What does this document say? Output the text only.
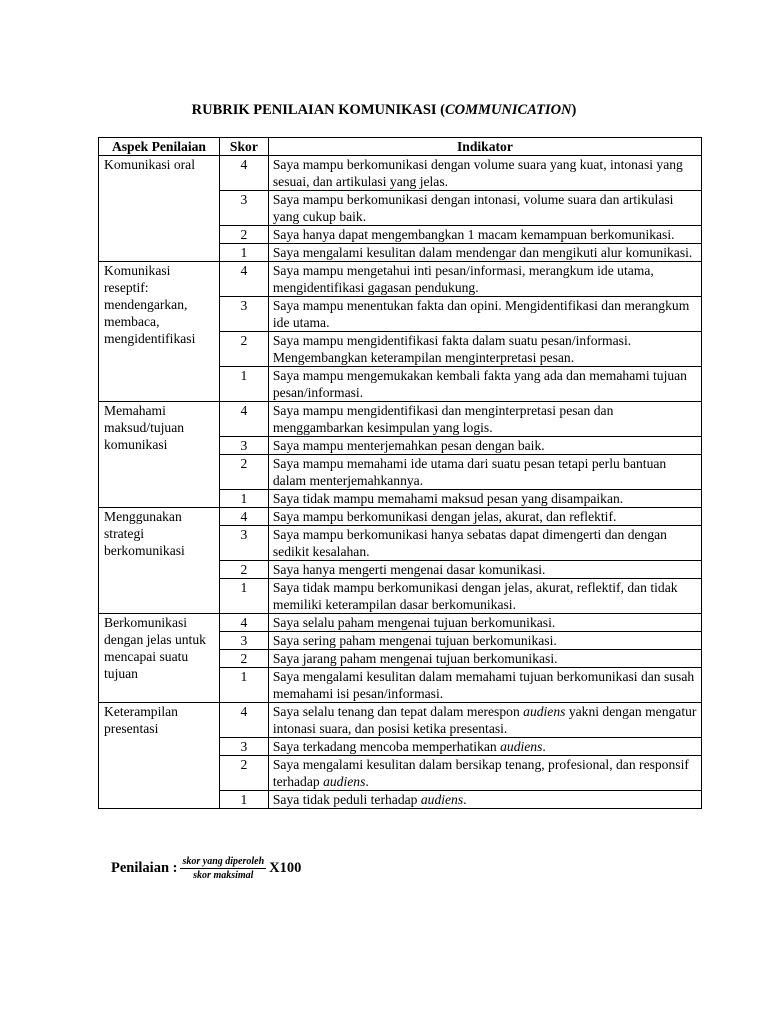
RUBRIK PENILAIAN KOMUNIKASI (COMMUNICATION)
Aspek Penilaian	Skor	Indikator
Komunikasi oral	4	Saya mampu berkomunikasi dengan volume suara yang kuat, intonasi yang sesuai, dan artikulasi yang jelas.
	3	Saya mampu berkomunikasi dengan intonasi, volume suara dan artikulasi yang cukup baik.
	2	Saya hanya dapat mengembangkan 1 macam kemampuan berkomunikasi.
	1	Saya mengalami kesulitan dalam mendengar dan mengikuti alur komunikasi.
Komunikasi reseptif: mendengarkan, membaca, mengidentifikasi	4	Saya mampu mengetahui inti pesan/informasi, merangkum ide utama, mengidentifikasi gagasan pendukung.
	3	Saya mampu menentukan fakta dan opini. Mengidentifikasi dan merangkum ide utama.
	2	Saya mampu mengidentifikasi fakta dalam suatu pesan/informasi. Mengembangkan keterampilan menginterpretasi pesan.
	1	Saya mampu mengemukakan kembali fakta yang ada dan memahami tujuan pesan/informasi.
Memahami maksud/tujuan komunikasi	4	Saya mampu mengidentifikasi dan menginterpretasi pesan dan menggambarkan kesimpulan yang logis.
	3	Saya mampu menterjemahkan pesan dengan baik.
	2	Saya mampu memahami ide utama dari suatu pesan tetapi perlu bantuan dalam menterjemahkannya.
	1	Saya tidak mampu memahami maksud pesan yang disampaikan.
Menggunakan strategi berkomunikasi	4	Saya mampu berkomunikasi dengan jelas, akurat, dan reflektif.
	3	Saya mampu berkomunikasi hanya sebatas dapat dimengerti dan dengan sedikit kesalahan.
	2	Saya hanya mengerti mengenai dasar komunikasi.
	1	Saya tidak mampu berkomunikasi dengan jelas, akurat, reflektif, dan tidak memiliki keterampilan dasar berkomunikasi.
Berkomunikasi dengan jelas untuk mencapai suatu tujuan	4	Saya selalu paham mengenai tujuan berkomunikasi.
	3	Saya sering paham mengenai tujuan berkomunikasi.
	2	Saya jarang paham mengenai tujuan berkomunikasi.
	1	Saya mengalami kesulitan dalam memahami tujuan berkomunikasi dan susah memahami isi pesan/informasi.
Keterampilan presentasi	4	Saya selalu tenang dan tepat dalam merespon audiens yakni dengan mengatur intonasi suara, dan posisi ketika presentasi.
	3	Saya terkadang mencoba memperhatikan audiens.
	2	Saya mengalami kesulitan dalam bersikap tenang, profesional, dan responsif terhadap audiens.
	1	Saya tidak peduli terhadap audiens.
Penilaian : $\frac{\text{skor yang diperoleh}}{\text{skor maksimal}} X100$
